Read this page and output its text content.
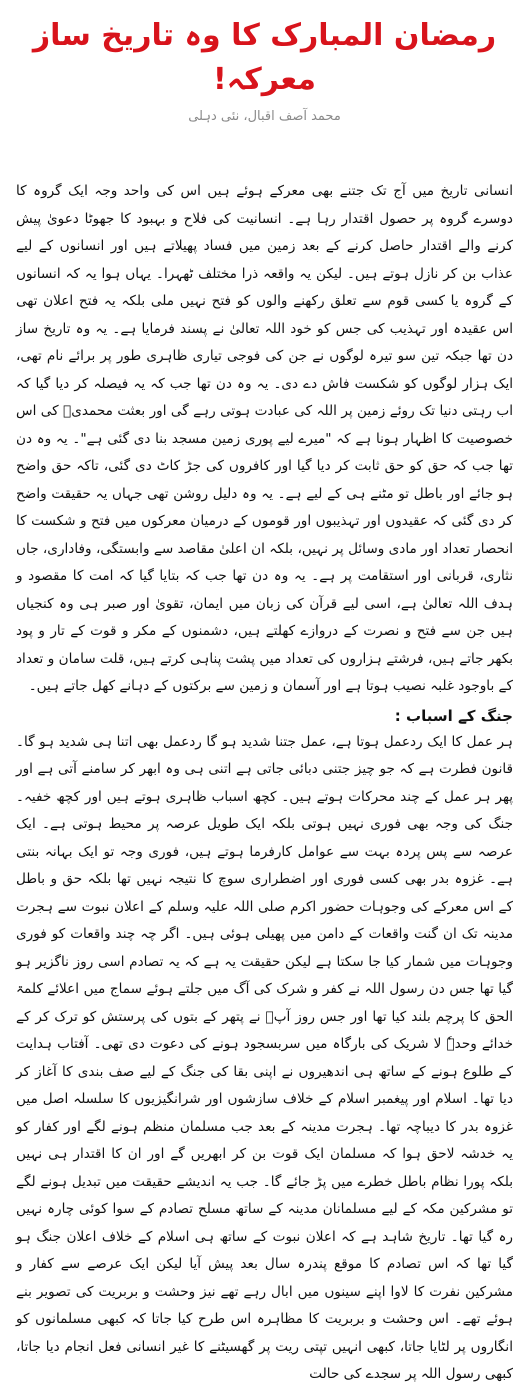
رمضان المبارک کا وہ تاریخ ساز معرکہ!
محمد آصف اقبال، نئی دہلی

انسانی تاریخ میں آج تک جتنے بھی معرکے ہوئے ہیں اس کی واحد وجہ ایک گروہ کا دوسرے گروہ پر حصول اقتدار رہا ہے۔ انسانیت کی فلاح و بہبود کا جھوٹا دعویٰ پیش کرنے والے اقتدار حاصل کرنے کے بعد زمین میں فساد پھیلاتے ہیں اور انسانوں کے لیے عذاب بن کر نازل ہوتے ہیں۔ لیکن یہ واقعہ ذرا مختلف ٹھہرا۔ یہاں ہوا یہ کہ انسانوں کے گروہ یا کسی قوم سے تعلق رکھنے والوں کو فتح نہیں ملی بلکہ یہ فتح اعلان تھی اس عقیدہ اور تہذیب کی جس کو خود اللہ تعالیٰ نے پسند فرمایا ہے۔ یہ وہ تاریخ ساز دن تھا جبکہ تین سو تیرہ لوگوں نے جن کی فوجی تیاری ظاہری طور پر برائے نام تھی، ایک ہزار لوگوں کو شکست فاش دے دی۔ یہ وہ دن تھا جب کہ یہ فیصلہ کر دیا گیا کہ اب رہتی دنیا تک روئے زمین پر اللہ کی عبادت ہوتی رہے گی اور بعثت محمدیؐ کی اس خصوصیت کا اظہار ہونا ہے کہ "میرے لیے پوری زمین مسجد بنا دی گئی ہے"۔ یہ وہ دن تھا جب کہ حق کو حق ثابت کر دیا گیا اور کافروں کی جڑ کاٹ دی گئی، تاکہ حق واضح ہو جائے اور باطل تو مٹنے ہی کے لیے ہے۔ یہ وہ دلیل روشن تھی جہاں یہ حقیقت واضح کر دی گئی کہ عقیدوں اور تہذیبوں اور قوموں کے درمیان معرکوں میں فتح و شکست کا انحصار تعداد اور مادی وسائل پر نہیں، بلکہ ان اعلیٰ مقاصد سے وابستگی، وفاداری، جاں نثاری، قربانی اور استقامت پر ہے۔ یہ وہ دن تھا جب کہ بتایا گیا کہ امت کا مقصود و ہدف اللہ تعالیٰ ہے، اسی لیے قرآن کی زبان میں ایمان، تقویٰ اور صبر ہی وہ کنجیاں ہیں جن سے فتح و نصرت کے دروازے کھلتے ہیں، دشمنوں کے مکر و قوت کے تار و پود بکھر جاتے ہیں، فرشتے ہزاروں کی تعداد میں پشت پناہی کرتے ہیں، قلت سامان و تعداد کے باوجود غلبہ نصیب ہوتا ہے اور آسمان و زمین سے برکتوں کے دہانے کھل جاتے ہیں۔

جنگ کے اسباب :

ہر عمل کا ایک ردعمل ہوتا ہے، عمل جتنا شدید ہو گا ردعمل بھی اتنا ہی شدید ہو گا۔ قانون فطرت ہے کہ جو چیز جتنی دبائی جاتی ہے اتنی ہی وہ ابھر کر سامنے آتی ہے اور پھر ہر عمل کے چند محرکات ہوتے ہیں۔ کچھ اسباب ظاہری ہوتے ہیں اور کچھ خفیہ۔ جنگ کی وجہ بھی فوری نہیں ہوتی بلکہ ایک طویل عرصہ پر محیط ہوتی ہے۔ ایک عرصہ سے پس پردہ بہت سے عوامل کارفرما ہوتے ہیں، فوری وجہ تو ایک بہانہ بنتی ہے۔ غزوہ بدر بھی کسی فوری اور اضطراری سوچ کا نتیجہ نہیں تھا بلکہ حق و باطل کے اس معرکے کی وجوہات حضور اکرم صلی اللہ علیہ وسلم کے اعلان نبوت سے ہجرت مدینہ تک ان گنت واقعات کے دامن میں پھیلی ہوئی ہیں۔ اگر چہ چند واقعات کو فوری وجوہات میں شمار کیا جا سکتا ہے لیکن حقیقت یہ ہے کہ یہ تصادم اسی روز ناگزیر ہو گیا تھا جس دن رسول اللہ نے کفر و شرک کی آگ میں جلتے ہوئے سماج میں اعلائے کلمۃ الحق کا پرچم بلند کیا تھا اور جس روز آپؐ نے پتھر کے بتوں کی پرستش کو ترک کر کے خدائے وحدہٗ لا شریک کی بارگاہ میں سربسجود ہونے کی دعوت دی تھی۔ آفتاب ہدایت کے طلوع ہونے کے ساتھ ہی اندھیروں نے اپنی بقا کی جنگ کے لیے صف بندی کا آغاز کر دیا تھا۔ اسلام اور پیغمبر اسلام کے خلاف سازشوں اور شرانگیزیوں کا سلسلہ اصل میں غزوہ بدر کا دیباچہ تھا۔ ہجرت مدینہ کے بعد جب مسلمان منظم ہونے لگے اور کفار کو یہ خدشہ لاحق ہوا کہ مسلمان ایک قوت بن کر ابھریں گے اور ان کا اقتدار ہی نہیں بلکہ پورا نظام باطل خطرے میں پڑ جائے گا۔ جب یہ اندیشے حقیقت میں تبدیل ہونے لگے تو مشرکین مکہ کے لیے مسلمانان مدینہ کے ساتھ مسلح تصادم کے سوا کوئی چارہ نہیں رہ گیا تھا۔ تاریخ شاہد ہے کہ اعلان نبوت کے ساتھ ہی اسلام کے خلاف اعلان جنگ ہو گیا تھا کہ اس تصادم کا موقع پندرہ سال بعد پیش آیا لیکن ایک عرصے سے کفار و مشرکین نفرت کا لاوا اپنے سینوں میں ابال رہے تھے نیز وحشت و بربریت کی تصویر بنے ہوئے تھے۔ اس وحشت و بربریت کا مظاہرہ اس طرح کیا جاتا کہ کبھی مسلمانوں کو انگاروں پر لٹایا جاتا، کبھی انہیں تپتی ریت پر گھسیٹنے کا غیر انسانی فعل انجام دیا جاتا، کبھی رسول اللہ پر سجدے کی حالت
